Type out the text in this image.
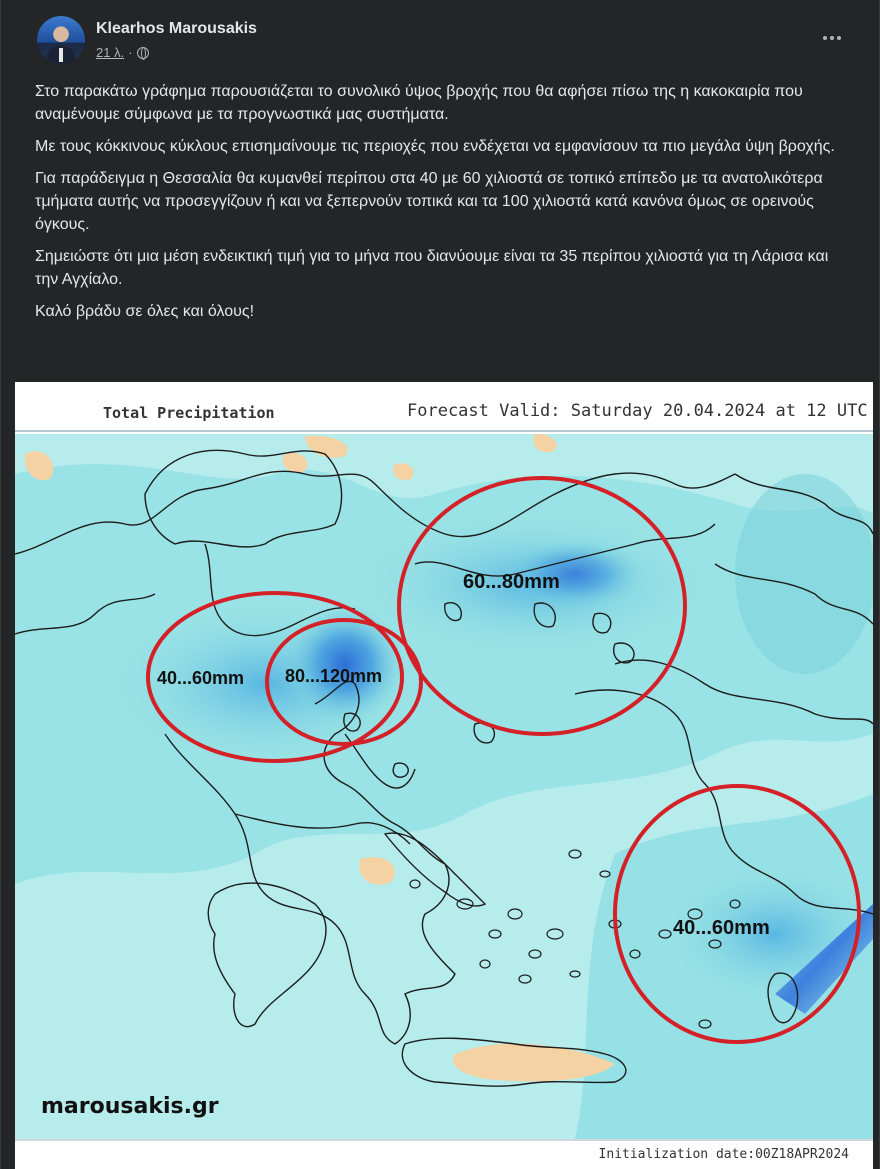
Klearhos Marousakis
21 λ. ·

Στο παρακάτω γράφημα παρουσιάζεται το συνολικό ύψος βροχής που θα αφήσει πίσω της η κακοκαιρία που αναμένουμε σύμφωνα με τα προγνωστικά μας συστήματα.

Με τους κόκκινους κύκλους επισημαίνουμε τις περιοχές που ενδέχεται να εμφανίσουν τα πιο μεγάλα ύψη βροχής.

Για παράδειγμα η Θεσσαλία θα κυμανθεί περίπου στα 40 με 60 χιλιοστά σε τοπικό επίπεδο με τα ανατολικότερα τμήματα αυτής να προσεγγίζουν ή και να ξεπερνούν τοπικά και τα 100 χιλιοστά κατά κανόνα όμως σε ορεινούς όγκους.

Σημειώστε ότι μια μέση ενδεικτική τιμή για το μήνα που διανύουμε είναι τα 35 περίπου χιλιοστά για τη Λάρισα και την Αγχίαλο.

Καλό βράδυ σε όλες και όλους!

Total Precipitation	Forecast Valid: Saturday 20.04.2024 at 12 UTC
40...60mm 80...120mm
60...80mm
40...60mm
marousakis.gr
Initialization date:00Z18APR2024
